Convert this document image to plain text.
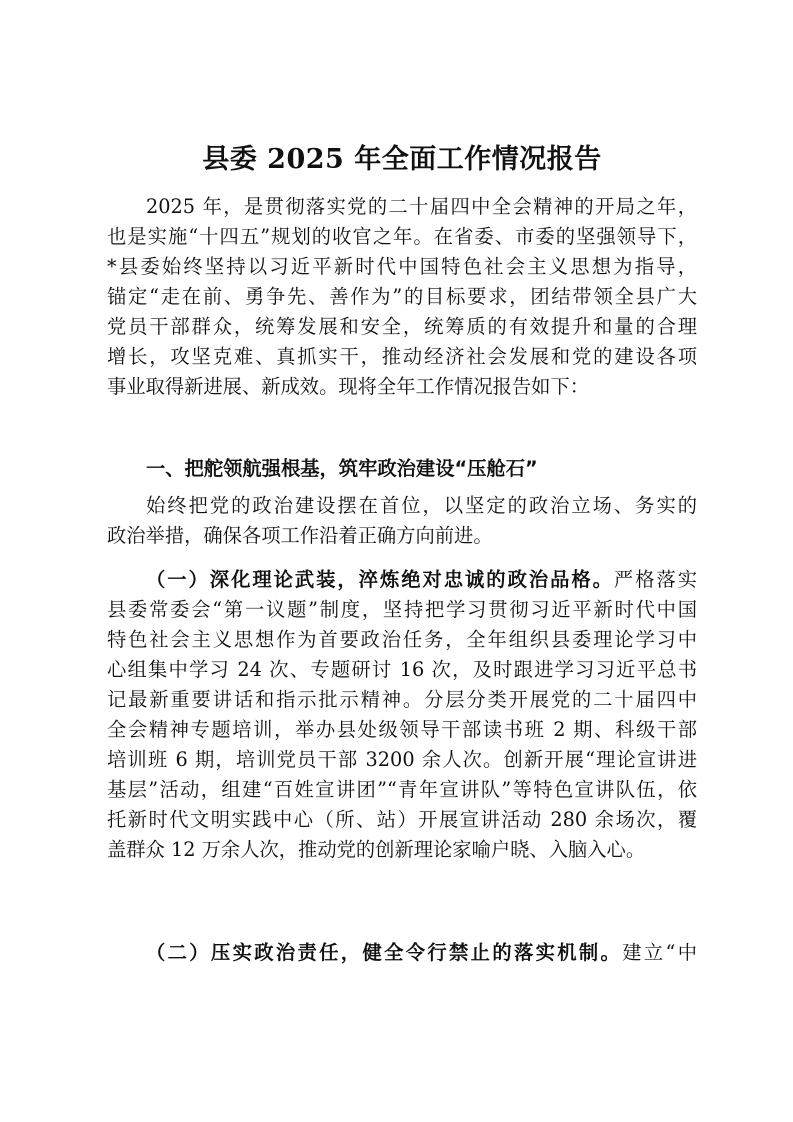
县委 2025 年全面工作情况报告
2025 年，是贯彻落实党的二十届四中全会精神的开局之年，
也是实施“十四五”规划的收官之年。在省委、市委的坚强领导下，
*县委始终坚持以习近平新时代中国特色社会主义思想为指导，
锚定“走在前、勇争先、善作为”的目标要求，团结带领全县广大
党员干部群众，统筹发展和安全，统筹质的有效提升和量的合理
增长，攻坚克难、真抓实干，推动经济社会发展和党的建设各项
事业取得新进展、新成效。现将全年工作情况报告如下：
一、把舵领航强根基，筑牢政治建设“压舱石”
始终把党的政治建设摆在首位，以坚定的政治立场、务实的
政治举措，确保各项工作沿着正确方向前进。
（一）深化理论武装，淬炼绝对忠诚的政治品格。严格落实
县委常委会“第一议题”制度，坚持把学习贯彻习近平新时代中国
特色社会主义思想作为首要政治任务，全年组织县委理论学习中
心组集中学习 24 次、专题研讨 16 次，及时跟进学习习近平总书
记最新重要讲话和指示批示精神。分层分类开展党的二十届四中
全会精神专题培训，举办县处级领导干部读书班 2 期、科级干部
培训班 6 期，培训党员干部 3200 余人次。创新开展“理论宣讲进
基层”活动，组建“百姓宣讲团”“青年宣讲队”等特色宣讲队伍，依
托新时代文明实践中心（所、站）开展宣讲活动 280 余场次，覆
盖群众 12 万余人次，推动党的创新理论家喻户晓、入脑入心。
（二）压实政治责任，健全令行禁止的落实机制。建立“中
